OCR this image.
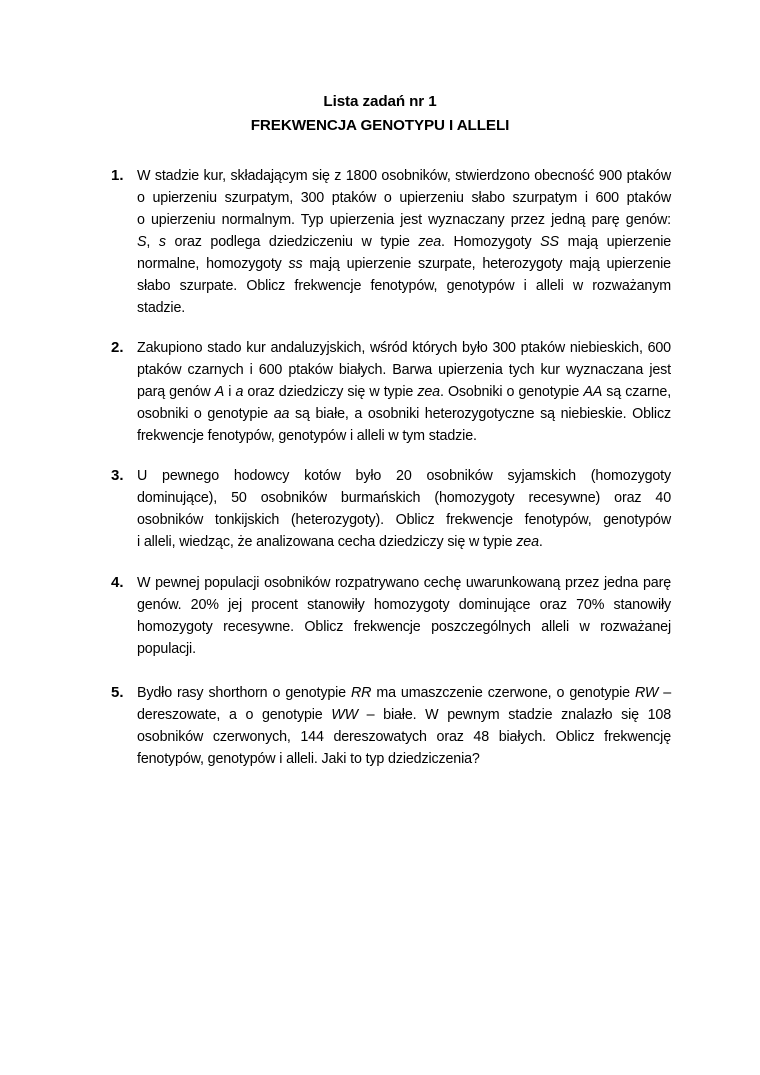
Lista zadań nr 1
FREKWENCJA GENOTYPU I ALLELI
1. W stadzie kur, składającym się z 1800 osobników, stwierdzono obecność 900 ptaków
o upierzeniu szurpatym, 300 ptaków o upierzeniu słabo szurpatym i 600 ptaków
o upierzeniu normalnym. Typ upierzenia jest wyznaczany przez jedną parę genów:
S, s oraz podlega dziedziczeniu w typie zea. Homozygoty SS mają upierzenie
normalne, homozygoty ss mają upierzenie szurpate, heterozygoty mają upierzenie
słabo szurpate. Oblicz frekwencje fenotypów, genotypów i alleli w rozważanym
stadzie.
2. Zakupiono stado kur andaluzyjskich, wśród których było 300 ptaków niebieskich, 600
ptaków czarnych i 600 ptaków białych. Barwa upierzenia tych kur wyznaczana jest
parą genów A i a oraz dziedziczy się w typie zea. Osobniki o genotypie AA są czarne,
osobniki o genotypie aa są białe, a osobniki heterozygotyczne są niebieskie. Oblicz
frekwencje fenotypów, genotypów i alleli w tym stadzie.
3. U pewnego hodowcy kotów było 20 osobników syjamskich (homozygoty
dominujące), 50 osobników burmańskich (homozygoty recesywne) oraz 40
osobników tonkijskich (heterozygoty). Oblicz frekwencje fenotypów, genotypów
i alleli, wiedząc, że analizowana cecha dziedziczy się w typie zea.
4. W pewnej populacji osobników rozpatrywano cechę uwarunkowaną przez jedna parę
genów. 20% jej procent stanowiły homozygoty dominujące oraz 70% stanowiły
homozygoty recesywne. Oblicz frekwencje poszczególnych alleli w rozważanej
populacji.
5. Bydło rasy shorthorn o genotypie RR ma umaszczenie czerwone, o genotypie RW –
dereszowate, a o genotypie WW – białe. W pewnym stadzie znalazło się 108
osobników czerwonych, 144 dereszowatych oraz 48 białych. Oblicz frekwencję
fenotypów, genotypów i alleli. Jaki to typ dziedziczenia?
